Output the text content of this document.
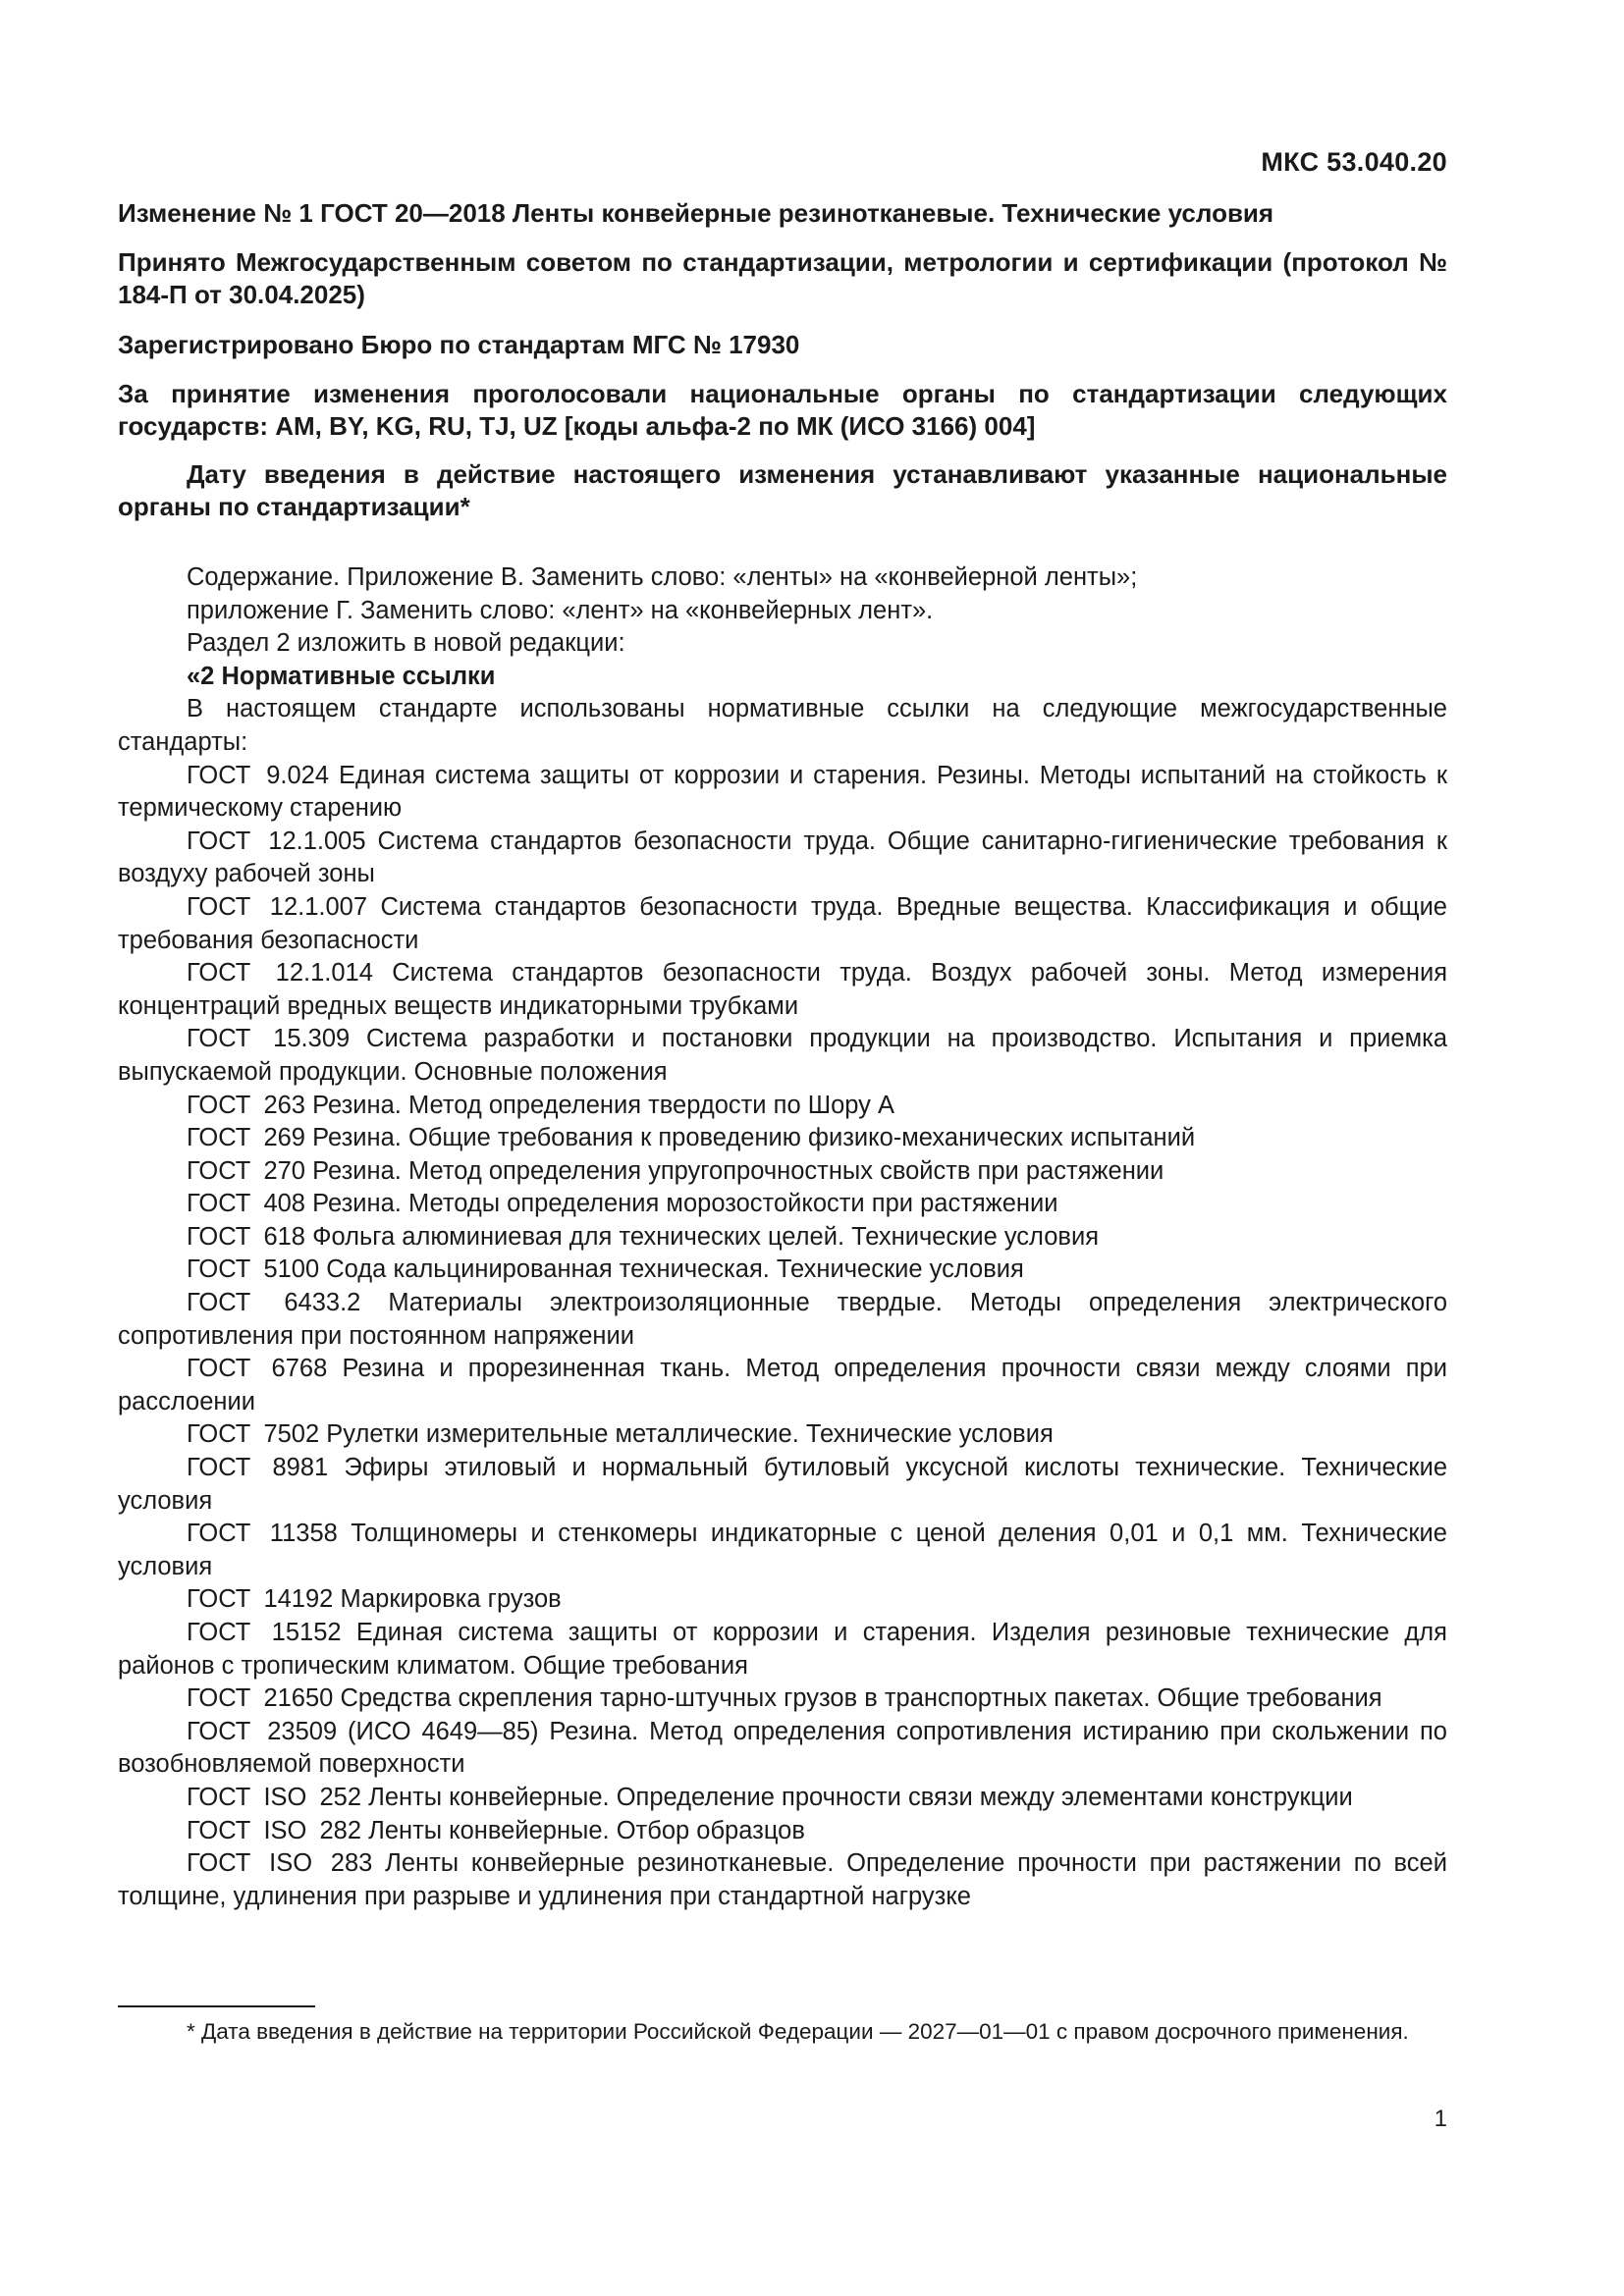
МКС 53.040.20
Изменение № 1 ГОСТ 20—2018 Ленты конвейерные резинотканевые. Технические условия
Принято Межгосударственным советом по стандартизации, метрологии и сертификации (протокол № 184-П от 30.04.2025)
Зарегистрировано Бюро по стандартам МГС № 17930
За принятие изменения проголосовали национальные органы по стандартизации следующих государств: AM, BY, KG, RU, TJ, UZ [коды альфа-2 по МК (ИСО 3166) 004]
Дату введения в действие настоящего изменения устанавливают указанные национальные органы по стандартизации*
Содержание. Приложение В. Заменить слово: «ленты» на «конвейерной ленты»;
приложение Г. Заменить слово: «лент» на «конвейерных лент».
Раздел 2 изложить в новой редакции:
«2 Нормативные ссылки
В настоящем стандарте использованы нормативные ссылки на следующие межгосударственные стандарты:
ГОСТ 9.024 Единая система защиты от коррозии и старения. Резины. Методы испытаний на стойкость к термическому старению
ГОСТ 12.1.005 Система стандартов безопасности труда. Общие санитарно-гигиенические требования к воздуху рабочей зоны
ГОСТ 12.1.007 Система стандартов безопасности труда. Вредные вещества. Классификация и общие требования безопасности
ГОСТ 12.1.014 Система стандартов безопасности труда. Воздух рабочей зоны. Метод измерения концентраций вредных веществ индикаторными трубками
ГОСТ 15.309 Система разработки и постановки продукции на производство. Испытания и приемка выпускаемой продукции. Основные положения
ГОСТ 263 Резина. Метод определения твердости по Шору А
ГОСТ 269 Резина. Общие требования к проведению физико-механических испытаний
ГОСТ 270 Резина. Метод определения упругопрочностных свойств при растяжении
ГОСТ 408 Резина. Методы определения морозостойкости при растяжении
ГОСТ 618 Фольга алюминиевая для технических целей. Технические условия
ГОСТ 5100 Сода кальцинированная техническая. Технические условия
ГОСТ 6433.2 Материалы электроизоляционные твердые. Методы определения электрического сопротивления при постоянном напряжении
ГОСТ 6768 Резина и прорезиненная ткань. Метод определения прочности связи между слоями при расслоении
ГОСТ 7502 Рулетки измерительные металлические. Технические условия
ГОСТ 8981 Эфиры этиловый и нормальный бутиловый уксусной кислоты технические. Технические условия
ГОСТ 11358 Толщиномеры и стенкомеры индикаторные с ценой деления 0,01 и 0,1 мм. Технические условия
ГОСТ 14192 Маркировка грузов
ГОСТ 15152 Единая система защиты от коррозии и старения. Изделия резиновые технические для районов с тропическим климатом. Общие требования
ГОСТ 21650 Средства скрепления тарно-штучных грузов в транспортных пакетах. Общие требования
ГОСТ 23509 (ИСО 4649—85) Резина. Метод определения сопротивления истиранию при скольжении по возобновляемой поверхности
ГОСТ ISO 252 Ленты конвейерные. Определение прочности связи между элементами конструкции
ГОСТ ISO 282 Ленты конвейерные. Отбор образцов
ГОСТ ISO 283 Ленты конвейерные резинотканевые. Определение прочности при растяжении по всей толщине, удлинения при разрыве и удлинения при стандартной нагрузке
* Дата введения в действие на территории Российской Федерации — 2027—01—01 с правом досрочного применения.
1
